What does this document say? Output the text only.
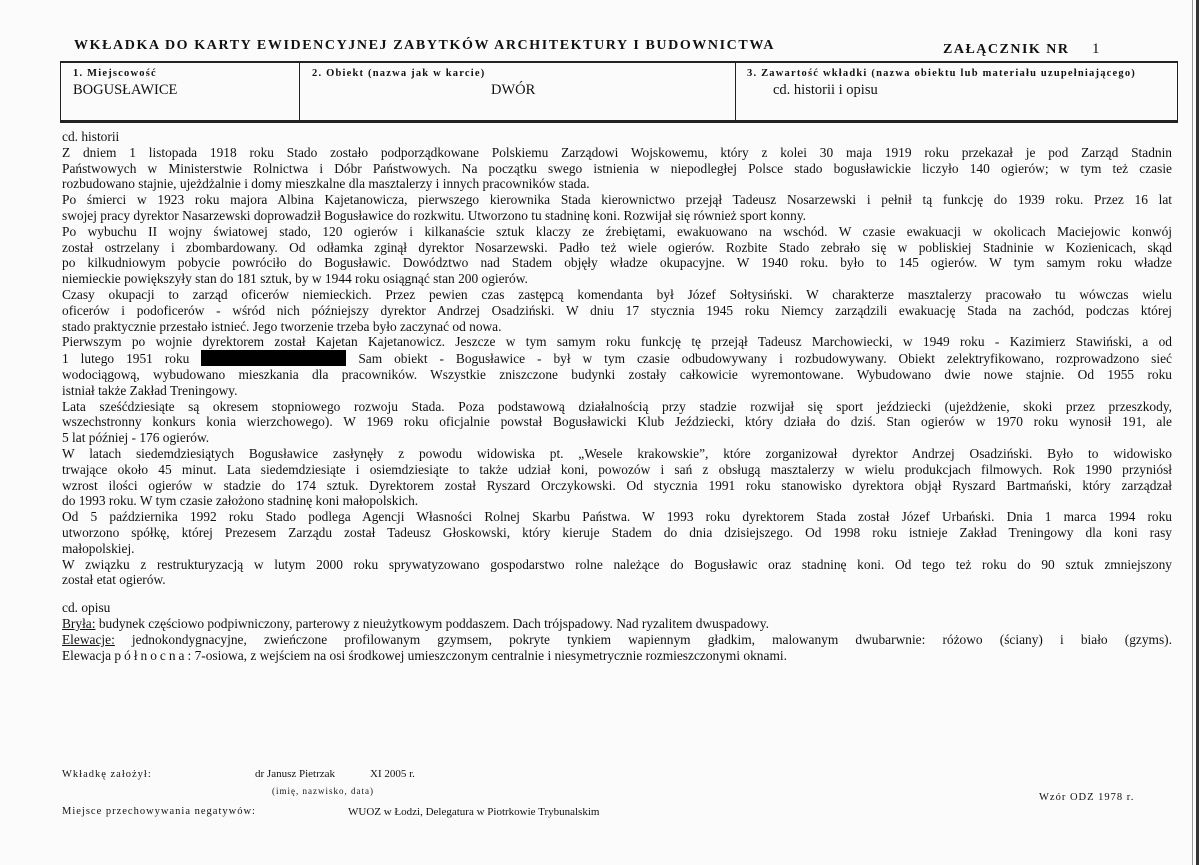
WKŁADKA DO KARTY EWIDENCYJNEJ ZABYTKÓW ARCHITEKTURY I BUDOWNICTWA	ZAŁĄCZNIK NR 1
1. Miejscowość
BOGUSŁAWICE
2. Obiekt (nazwa jak w karcie)
DWÓR
3. Zawartość wkładki (nazwa obiektu lub materiału uzupełniającego)
cd. historii i opisu

cd. historii

Z dniem 1 listopada 1918 roku Stado zostało podporządkowane Polskiemu Zarządowi Wojskowemu, który z kolei 30 maja 1919 roku przekazał je pod Zarząd Stadnin
Państwowych w Ministerstwie Rolnictwa i Dóbr Państwowych. Na początku swego istnienia w niepodległej Polsce stado bogusławickie liczyło 140 ogierów; w tym też czasie
rozbudowano stajnie, ujeżdżalnie i domy mieszkalne dla masztalerzy i innych pracowników stada.

Po śmierci w 1923 roku majora Albina Kajetanowicza, pierwszego kierownika Stada kierownictwo przejął Tadeusz Nosarzewski i pełnił tą funkcję do 1939 roku. Przez 16 lat
swojej pracy dyrektor Nasarzewski doprowadził Bogusławice do rozkwitu. Utworzono tu stadninę koni. Rozwijał się również sport konny.

Po wybuchu II wojny światowej stado, 120 ogierów i kilkanaście sztuk klaczy ze źrebiętami, ewakuowano na wschód. W czasie ewakuacji w okolicach Maciejowic konwój
został ostrzelany i zbombardowany. Od odłamka zginął dyrektor Nosarzewski. Padło też wiele ogierów. Rozbite Stado zebrało się w pobliskiej Stadninie w Kozienicach, skąd
po kilkudniowym pobycie powróciło do Bogusławic. Dowództwo nad Stadem objęły władze okupacyjne. W 1940 roku. było to 145 ogierów. W tym samym roku władze
niemieckie powiększyły stan do 181 sztuk, by w 1944 roku osiągnąć stan 200 ogierów.

Czasy okupacji to zarząd oficerów niemieckich. Przez pewien czas zastępcą komendanta był Józef Sołtysiński. W charakterze masztalerzy pracowało tu wówczas wielu
oficerów i podoficerów - wśród nich późniejszy dyrektor Andrzej Osadziński. W dniu 17 stycznia 1945 roku Niemcy zarządzili ewakuację Stada na zachód, podczas której
stado praktycznie przestało istnieć. Jego tworzenie trzeba było zaczynać od nowa.

Pierwszym po wojnie dyrektorem został Kajetan Kajetanowicz. Jeszcze w tym samym roku funkcję tę przejął Tadeusz Marchowiecki, w 1949 roku - Kazimierz Stawiński, a od
1 lutego 1951 roku	Sam obiekt - Bogusławice - był w tym czasie odbudowywany i rozbudowywany. Obiekt zelektryfikowano, rozprowadzono sieć
wodociągową, wybudowano mieszkania dla pracowników. Wszystkie zniszczone budynki zostały całkowicie wyremontowane. Wybudowano dwie nowe stajnie. Od 1955 roku
istniał także Zakład Treningowy.

Lata sześćdziesiąte są okresem stopniowego rozwoju Stada. Poza podstawową działalnością przy stadzie rozwijał się sport jeździecki (ujeżdżenie, skoki przez przeszkody,
wszechstronny konkurs konia wierzchowego). W 1969 roku oficjalnie powstał Bogusławicki Klub Jeździecki, który działa do dziś. Stan ogierów w 1970 roku wynosił 191, ale
5 lat później - 176 ogierów.

W latach siedemdziesiątych Bogusławice zasłynęły z powodu widowiska pt. „Wesele krakowskie”, które zorganizował dyrektor Andrzej Osadziński. Było to widowisko
trwające około 45 minut. Lata siedemdziesiąte i osiemdziesiąte to także udział koni, powozów i sań z obsługą masztalerzy w wielu produkcjach filmowych. Rok 1990 przyniósł
wzrost ilości ogierów w stadzie do 174 sztuk. Dyrektorem został Ryszard Orczykowski. Od stycznia 1991 roku stanowisko dyrektora objął Ryszard Bartmański, który zarządzał
do 1993 roku. W tym czasie założono stadninę koni małopolskich.

Od 5 października 1992 roku Stado podlega Agencji Własności Rolnej Skarbu Państwa. W 1993 roku dyrektorem Stada został Józef Urbański. Dnia 1 marca 1994 roku
utworzono spółkę, której Prezesem Zarządu został Tadeusz Głoskowski, który kieruje Stadem do dnia dzisiejszego. Od 1998 roku istnieje Zakład Treningowy dla koni rasy
małopolskiej.

W związku z restrukturyzacją w lutym 2000 roku sprywatyzowano gospodarstwo rolne należące do Bogusławic oraz stadninę koni. Od tego też roku do 90 sztuk zmniejszony
został etat ogierów.

cd. opisu

Bryła: budynek częściowo podpiwniczony, parterowy z nieużytkowym poddaszem. Dach trójspadowy. Nad ryzalitem dwuspadowy.

Elewacje: jednokondygnacyjne, zwieńczone profilowanym gzymsem, pokryte tynkiem wapiennym gładkim, malowanym dwubarwnie: różowo (ściany) i biało (gzyms).
Elewacja północna: 7-osiowa, z wejściem na osi środkowej umieszczonym centralnie i niesymetrycznie rozmieszczonymi oknami.

Wkładkę założył:	dr Janusz Pietrzak	XI 2005 r.
(imię, nazwisko, data)
Miejsce przechowywania negatywów:	WUOZ w Łodzi, Delegatura w Piotrkowie Trybunalskim
Wzór ODZ 1978 r.
